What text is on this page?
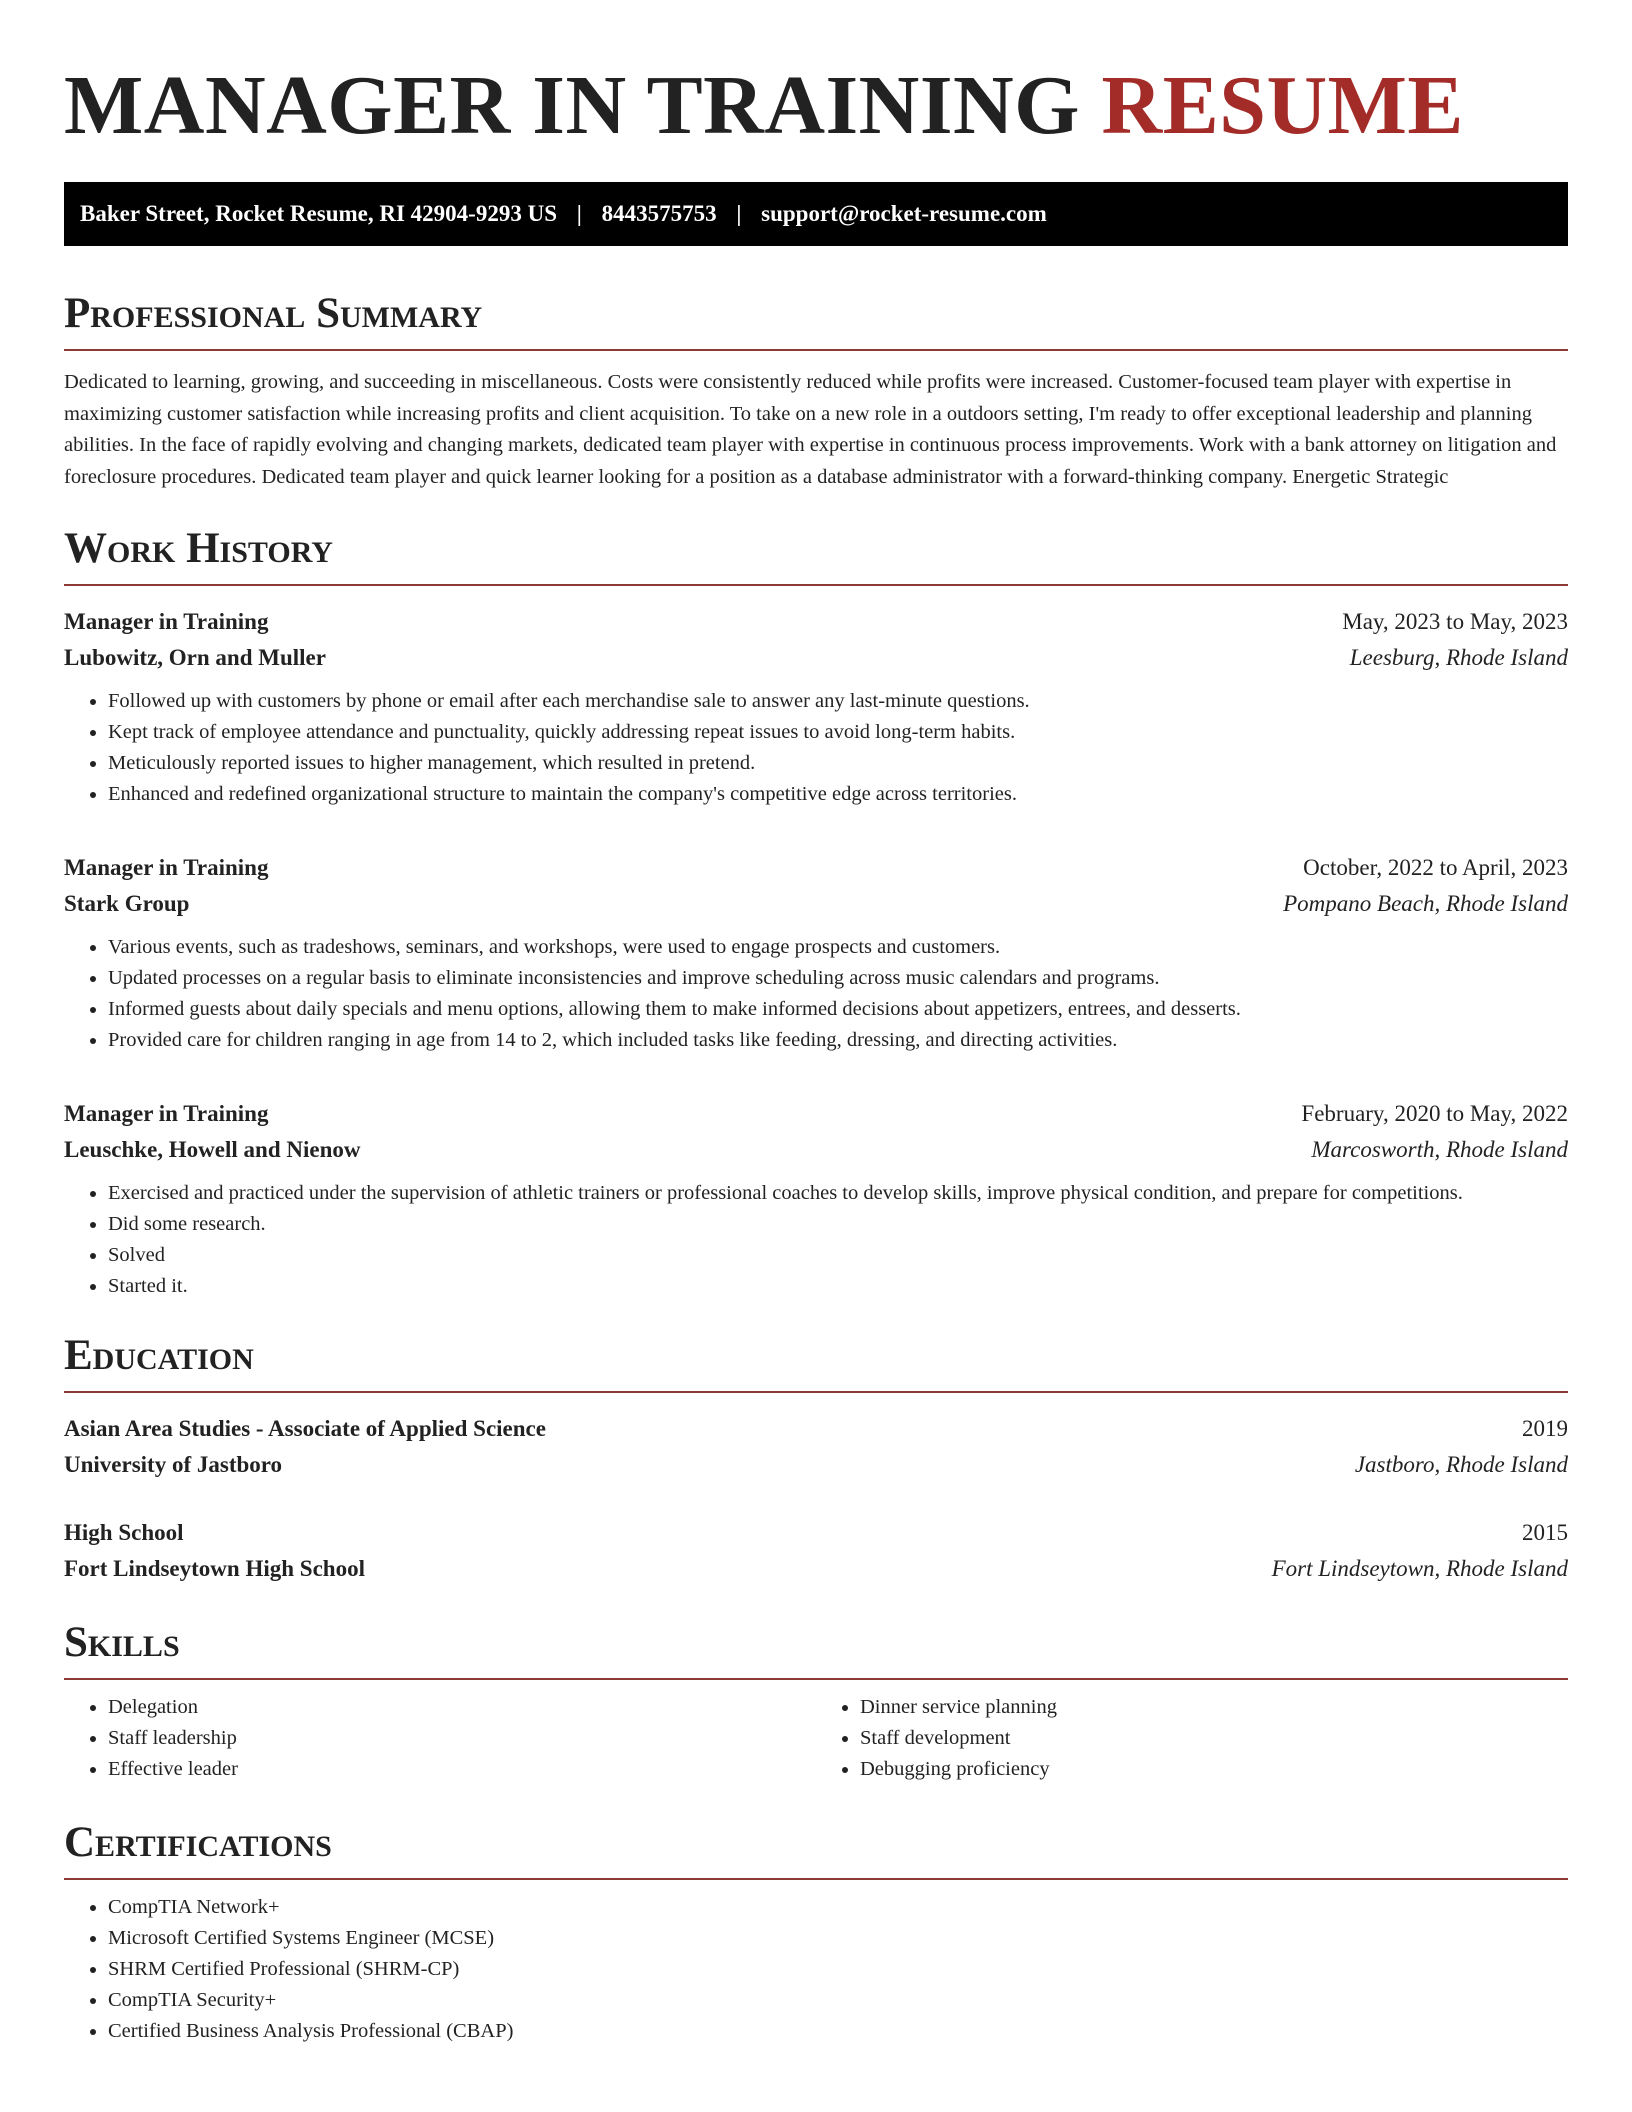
MANAGER IN TRAINING RESUME
Baker Street, Rocket Resume, RI 42904-9293 US | 8443575753 | support@rocket-resume.com
Professional Summary

Dedicated to learning, growing, and succeeding in miscellaneous. Costs were consistently reduced while profits were increased. Customer-focused team player with expertise in maximizing customer satisfaction while increasing profits and client acquisition. To take on a new role in a outdoors setting, I'm ready to offer exceptional leadership and planning abilities. In the face of rapidly evolving and changing markets, dedicated team player with expertise in continuous process improvements. Work with a bank attorney on litigation and foreclosure procedures. Dedicated team player and quick learner looking for a position as a database administrator with a forward-thinking company. Energetic Strategic

Work History
Manager in Training	May, 2023 to May, 2023
Lubowitz, Orn and Muller	Leesburg, Rhode Island
• Followed up with customers by phone or email after each merchandise sale to answer any last-minute questions.
• Kept track of employee attendance and punctuality, quickly addressing repeat issues to avoid long-term habits.
• Meticulously reported issues to higher management, which resulted in pretend.
• Enhanced and redefined organizational structure to maintain the company's competitive edge across territories.
Manager in Training	October, 2022 to April, 2023
Stark Group	Pompano Beach, Rhode Island
• Various events, such as tradeshows, seminars, and workshops, were used to engage prospects and customers.
• Updated processes on a regular basis to eliminate inconsistencies and improve scheduling across music calendars and programs.
• Informed guests about daily specials and menu options, allowing them to make informed decisions about appetizers, entrees, and desserts.
• Provided care for children ranging in age from 14 to 2, which included tasks like feeding, dressing, and directing activities.
Manager in Training	February, 2020 to May, 2022
Leuschke, Howell and Nienow	Marcosworth, Rhode Island
• Exercised and practiced under the supervision of athletic trainers or professional coaches to develop skills, improve physical condition, and prepare for competitions.
• Did some research.
• Solved
• Started it.
Education
Asian Area Studies - Associate of Applied Science	2019
University of Jastboro	Jastboro, Rhode Island
High School	2015
Fort Lindseytown High School	Fort Lindseytown, Rhode Island
Skills
• Delegation
• Staff leadership
• Effective leader
• Dinner service planning
• Staff development
• Debugging proficiency
Certifications
• CompTIA Network+
• Microsoft Certified Systems Engineer (MCSE)
• SHRM Certified Professional (SHRM-CP)
• CompTIA Security+
• Certified Business Analysis Professional (CBAP)
